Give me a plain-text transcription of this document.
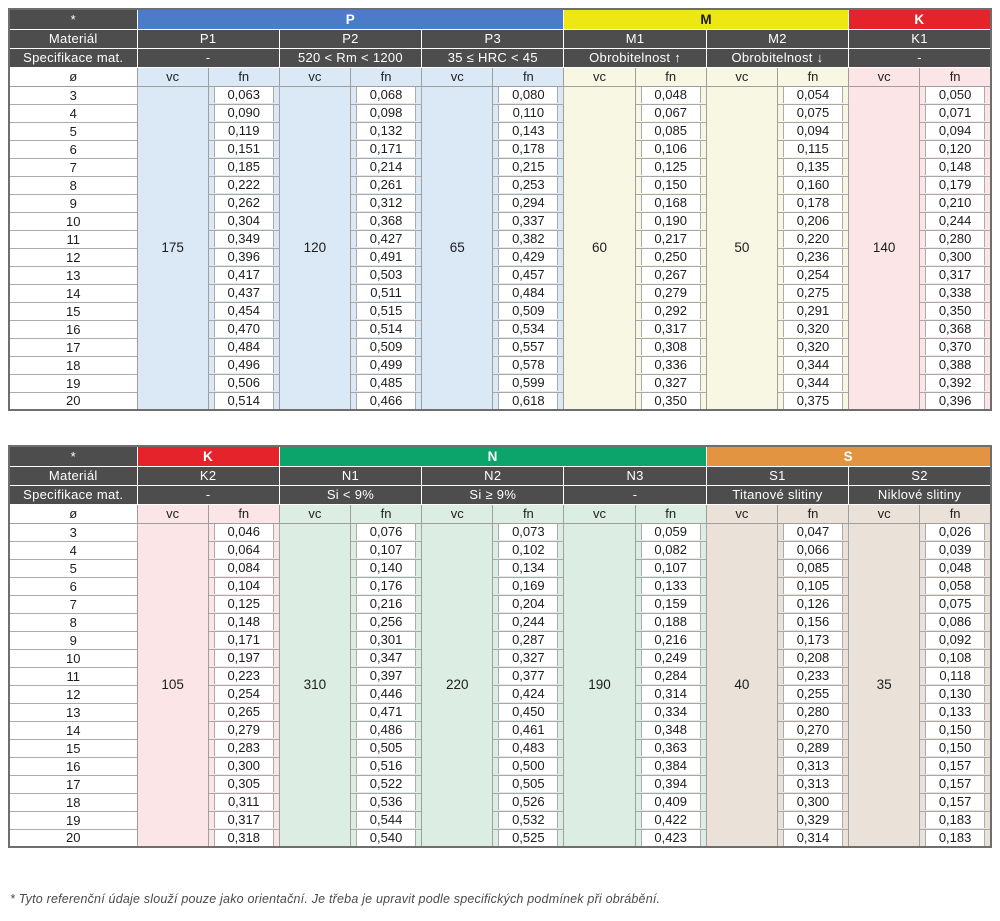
*	P						M				K	
Materiál	P1		P2		P3		M1		M2		K1	
Specifikace mat.	-		520 < Rm < 1200		35 ≤ HRC < 45		Obrobitelnost ↑		Obrobitelnost ↓		-	
ø	vc	fn	vc	fn	vc	fn	vc	fn	vc	fn	vc	fn
3	175	0,063	120	0,068	65	0,080	60	0,048	50	0,054	140	0,050

4		0,090		0,098		0,110		0,067		0,075		0,071

5		0,119		0,132		0,143		0,085		0,094		0,094

6		0,151		0,171		0,178		0,106		0,115		0,120

7		0,185		0,214		0,215		0,125		0,135		0,148

8		0,222		0,261		0,253		0,150		0,160		0,179

9		0,262		0,312		0,294		0,168		0,178		0,210

10		0,304		0,368		0,337		0,190		0,206		0,244

11		0,349		0,427		0,382		0,217		0,220		0,280

12		0,396		0,491		0,429		0,250		0,236		0,300

13		0,417		0,503		0,457		0,267		0,254		0,317

14		0,437		0,511		0,484		0,279		0,275		0,338

15		0,454		0,515		0,509		0,292		0,291		0,350

16		0,470		0,514		0,534		0,317		0,320		0,368

17		0,484		0,509		0,557		0,308		0,320		0,370

18		0,496		0,499		0,578		0,336		0,344		0,388

19		0,506		0,485		0,599		0,327		0,344		0,392

20		0,514		0,466		0,618		0,350		0,375		0,396
*	K		N						S			
Materiál	K2		N1		N2		N3		S1		S2	
Specifikace mat.	-		Si < 9%		Si ≥ 9%		-		Titanové slitiny		Niklové slitiny	
ø	vc	fn	vc	fn	vc	fn	vc	fn	vc	fn	vc	fn
3	105	0,046	310	0,076	220	0,073	190	0,059	40	0,047	35	0,026

4		0,064		0,107		0,102		0,082		0,066		0,039

5		0,084		0,140		0,134		0,107		0,085		0,048

6		0,104		0,176		0,169		0,133		0,105		0,058

7		0,125		0,216		0,204		0,159		0,126		0,075

8		0,148		0,256		0,244		0,188		0,156		0,086

9		0,171		0,301		0,287		0,216		0,173		0,092

10		0,197		0,347		0,327		0,249		0,208		0,108

11		0,223		0,397		0,377		0,284		0,233		0,118

12		0,254		0,446		0,424		0,314		0,255		0,130

13		0,265		0,471		0,450		0,334		0,280		0,133

14		0,279		0,486		0,461		0,348		0,270		0,150

15		0,283		0,505		0,483		0,363		0,289		0,150

16		0,300		0,516		0,500		0,384		0,313		0,157

17		0,305		0,522		0,505		0,394		0,313		0,157

18		0,311		0,536		0,526		0,409		0,300		0,157

19		0,317		0,544		0,532		0,422		0,329		0,183

20		0,318		0,540		0,525		0,423		0,314		0,183
* Tyto referenční údaje slouží pouze jako orientační. Je třeba je upravit podle specifických podmínek při obrábění.
